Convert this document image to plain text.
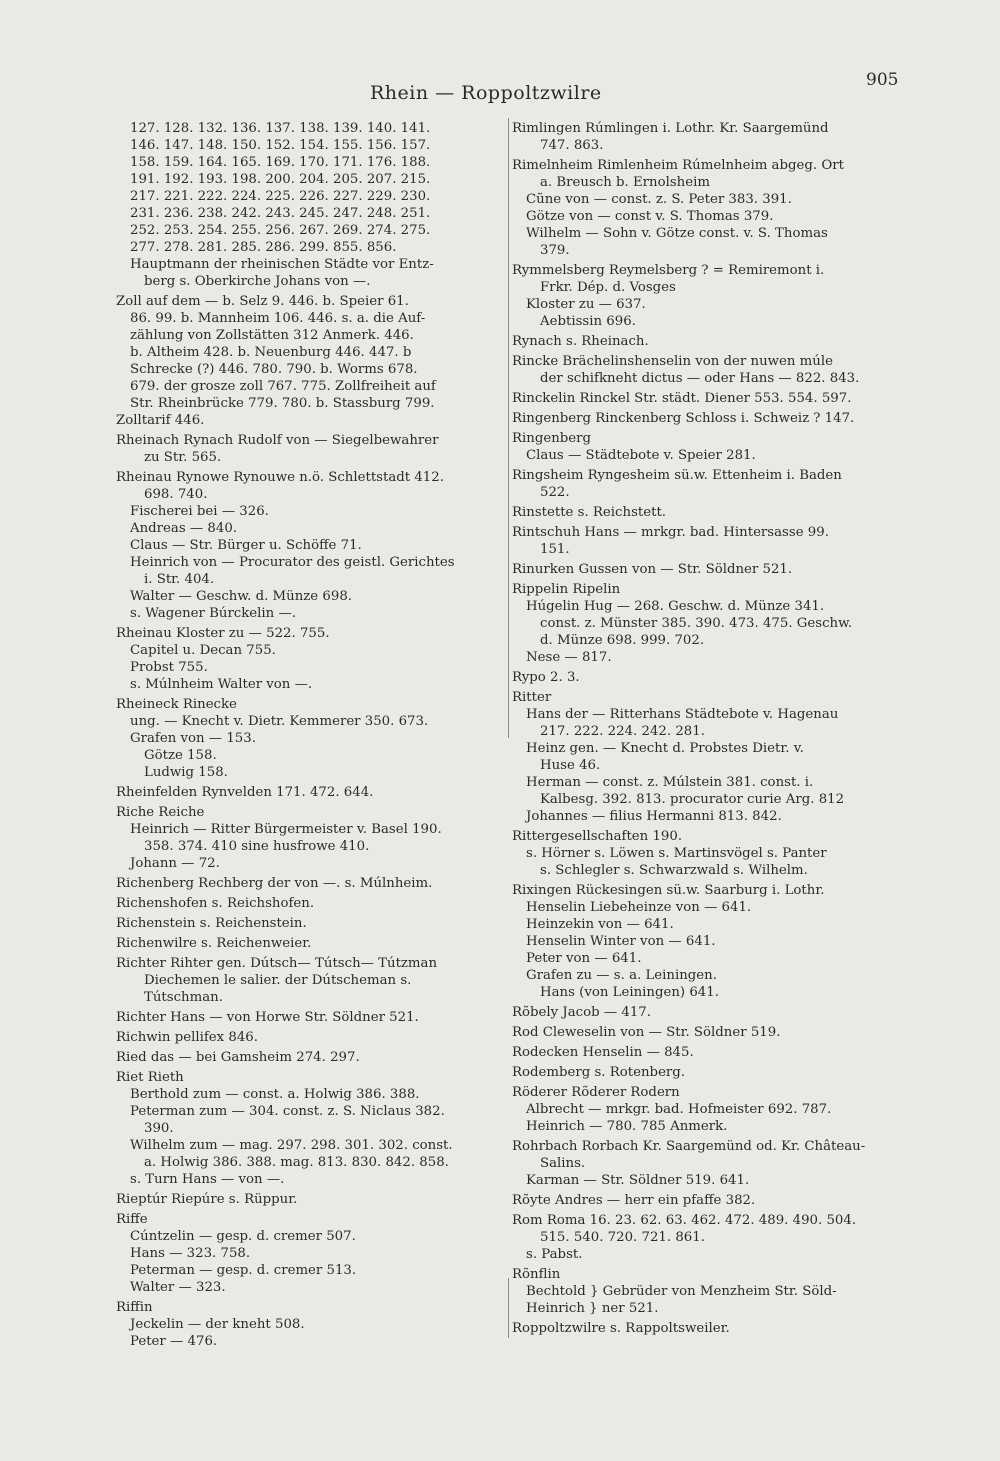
Rhein — Roppoltzwilre
905
127. 128. 132. 136. 137. 138. 139. 140. 141.
146. 147. 148. 150. 152. 154. 155. 156. 157.
158. 159. 164. 165. 169. 170. 171. 176. 188.
191. 192. 193. 198. 200. 204. 205. 207. 215.
217. 221. 222. 224. 225. 226. 227. 229. 230.
231. 236. 238. 242. 243. 245. 247. 248. 251.
252. 253. 254. 255. 256. 267. 269. 274. 275.
277. 278. 281. 285. 286. 299. 855. 856.
Hauptmann der rheinischen Städte vor Entz-
berg s. Oberkirche Johans von —.
Zoll auf dem — b. Selz 9. 446. b. Speier 61.
86. 99. b. Mannheim 106. 446. s. a. die Auf-
zählung von Zollstätten 312 Anmerk. 446.
b. Altheim 428. b. Neuenburg 446. 447. b
Schrecke (?) 446. 780. 790. b. Worms 678.
679. der grosze zoll 767. 775. Zollfreiheit auf
Str. Rheinbrücke 779. 780. b. Stassburg 799.
Zolltarif 446.
Rheinach Rynach Rudolf von — Siegelbewahrer
zu Str. 565.
Rheinau Rynowe Rynouwe n.ö. Schlettstadt 412.
698. 740.
Fischerei bei — 326.
Andreas — 840.
Claus — Str. Bürger u. Schöffe 71.
Heinrich von — Procurator des geistl. Gerichtes
i. Str. 404.
Walter — Geschw. d. Münze 698.
s. Wagener Búrckelin —.
Rheinau Kloster zu — 522. 755.
Capitel u. Decan 755.
Probst 755.
s. Múlnheim Walter von —.
Rheineck Rinecke
ung. — Knecht v. Dietr. Kemmerer 350. 673.
Grafen von — 153.
Götze 158.
Ludwig 158.
Rheinfelden Rynvelden 171. 472. 644.
Riche Reiche
Heinrich — Ritter Bürgermeister v. Basel 190.
358. 374. 410 sine husfrowe 410.
Johann — 72.
Richenberg Rechberg der von —. s. Múlnheim.
Richenshofen s. Reichshofen.
Richenstein s. Reichenstein.
Richenwilre s. Reichenweier.
Richter Rihter gen. Dútsch— Tútsch— Tútzman
Diechemen le salier. der Dútscheman s.
Tútschman.
Richter Hans — von Horwe Str. Söldner 521.
Richwin pellifex 846.
Ried das — bei Gamsheim 274. 297.
Riet Rieth
Berthold zum — const. a. Holwig 386. 388.
Peterman zum — 304. const. z. S. Niclaus 382.
390.
Wilhelm zum — mag. 297. 298. 301. 302. const.
a. Holwig 386. 388. mag. 813. 830. 842. 858.
s. Turn Hans — von —.
Rieptúr Riepúre s. Rüppur.
Riffe
Cúntzelin — gesp. d. cremer 507.
Hans — 323. 758.
Peterman — gesp. d. cremer 513.
Walter — 323.
Riffin
Jeckelin — der kneht 508.
Peter — 476.
Rimlingen Rúmlingen i. Lothr. Kr. Saargemünd
747. 863.
Rimelnheim Rimlenheim Rúmelnheim abgeg. Ort
a. Breusch b. Ernolsheim
Cũne von — const. z. S. Peter 383. 391.
Götze von — const v. S. Thomas 379.
Wilhelm — Sohn v. Götze const. v. S. Thomas
379.
Rymmelsberg Reymelsberg ? = Remiremont i.
Frkr. Dép. d. Vosges
Kloster zu — 637.
Aebtissin 696.
Rynach s. Rheinach.
Rincke Brächelinshenselin von der nuwen múle
der schifkneht dictus — oder Hans — 822. 843.
Rinckelin Rinckel Str. städt. Diener 553. 554. 597.
Ringenberg Rinckenberg Schloss i. Schweiz ? 147.
Ringenberg
Claus — Städtebote v. Speier 281.
Ringsheim Ryngesheim sü.w. Ettenheim i. Baden
522.
Rinstette s. Reichstett.
Rintschuh Hans — mrkgr. bad. Hintersasse 99.
151.
Rinurken Gussen von — Str. Söldner 521.
Rippelin Ripelin
Húgelin Hug — 268. Geschw. d. Münze 341.
const. z. Münster 385. 390. 473. 475. Geschw.
d. Münze 698. 999. 702.
Nese — 817.
Rypo 2. 3.
Ritter
Hans der — Ritterhans Städtebote v. Hagenau
217. 222. 224. 242. 281.
Heinz gen. — Knecht d. Probstes Dietr. v.
Huse 46.
Herman — const. z. Múlstein 381. const. i.
Kalbesg. 392. 813. procurator curie Arg. 812
Johannes — filius Hermanni 813. 842.
Rittergesellschaften 190.
s. Hörner s. Löwen s. Martinsvögel s. Panter
s. Schlegler s. Schwarzwald s. Wilhelm.
Rixingen Rückesingen sü.w. Saarburg i. Lothr.
Henselin Liebeheinze von — 641.
Heinzekin von — 641.
Henselin Winter von — 641.
Peter von — 641.
Grafen zu — s. a. Leiningen.
Hans (von Leiningen) 641.
Rõbely Jacob — 417.
Rod Cleweselin von — Str. Söldner 519.
Rodecken Henselin — 845.
Rodemberg s. Rotenberg.
Röderer Rõderer Rodern
Albrecht — mrkgr. bad. Hofmeister 692. 787.
Heinrich — 780. 785 Anmerk.
Rohrbach Rorbach Kr. Saargemünd od. Kr. Château-
Salins.
Karman — Str. Söldner 519. 641.
Rõyte Andres — herr ein pfaffe 382.
Rom Roma 16. 23. 62. 63. 462. 472. 489. 490. 504.
515. 540. 720. 721. 861.
s. Pabst.
Rõnflin
Bechtold } Gebrüder von Menzheim Str. Söld-
Heinrich } ner 521.
Roppoltzwilre s. Rappoltsweiler.
